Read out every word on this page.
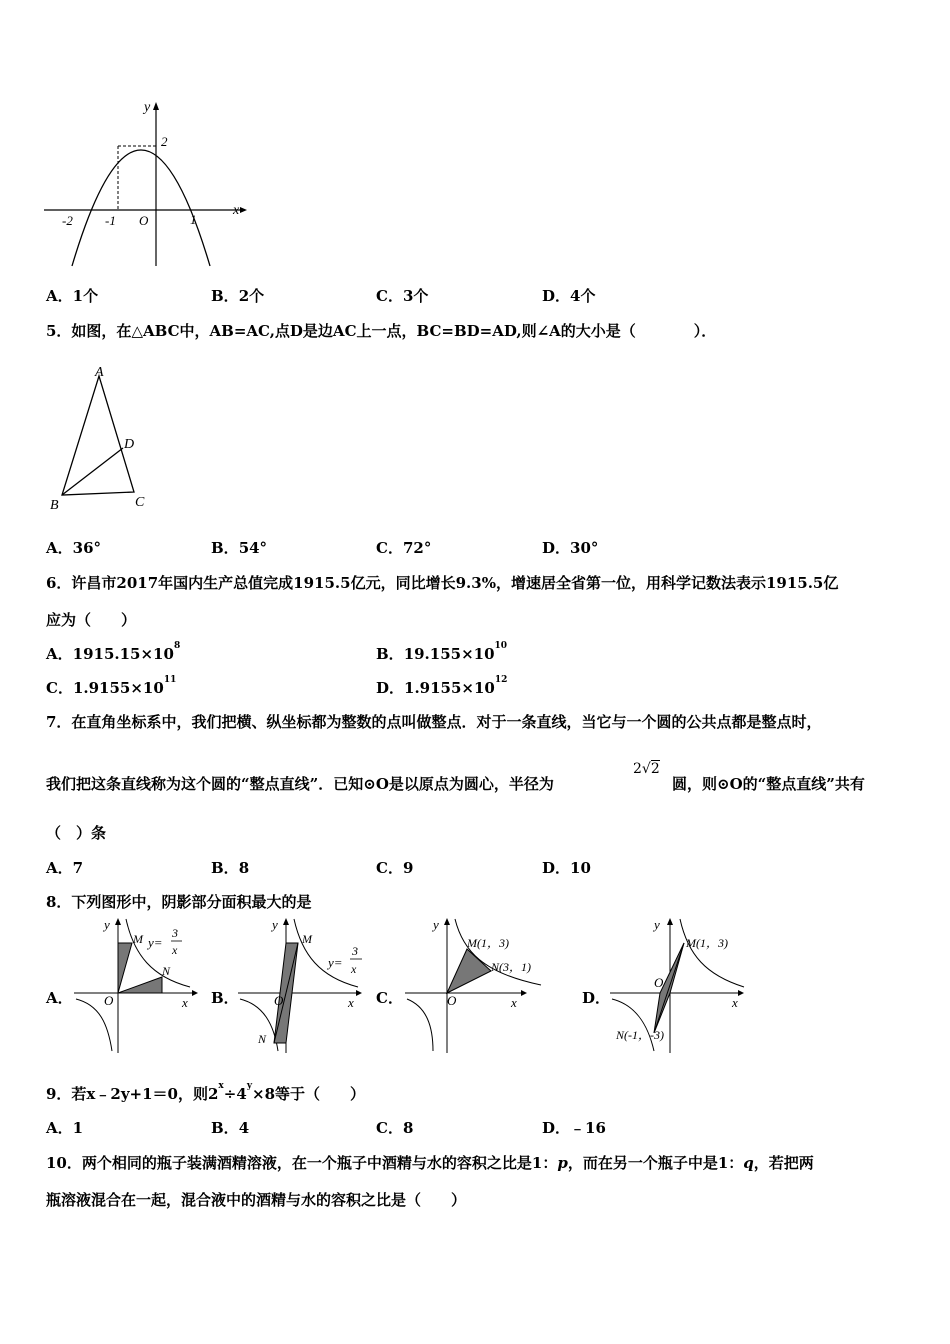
y
2
x
-2 -1 O	1
A．1个	B．2个	C．3个	D．4个
5．如图，在△ABC中，AB=AC,点D是边AC上一点，BC=BD=AD,则∠A的大小是（	）．
A
D
B	C
A．36°	B．54°	C．72°	D．30°
6．许昌市2017年国内生产总值完成1915.5亿元，同比增长9.3%，增速居全省第一位，用科学记数法表示1915.5亿
应为（　　）
A．$1915.15\times 10^8$	B．$19.155\times 10^{10}$
C．$1.9155\times 10^{11}$	D．$1.9155\times 10^{12}$
7．在直角坐标系中，我们把横、纵坐标都为整数的点叫做整点．对于一条直线，当它与一个圆的公共点都是整点时，
我们把这条直线称为这个圆的“整点直线”．已知⊙O是以原点为圆心，半径为
2√2
圆，则⊙O的“整点直线”共有
（　）条
A．7	B．8	C．9	D．10
8．下列图形中，阴影部分面积最大的是
A．
y
M y=
3
x
N
O	x B．
y
M
y=
3
x
O	x
N
C．
y
M(1，3)
N(3，1)
O	x	D．
y
M(1，3)
O
x
N(-1，-3)
9．若x﹣2y+1＝0，则$2^x\div 4^y\times 8$等于（　　）
A．1	B．4	C．8	D．﹣16
10．两个相同的瓶子装满酒精溶液，在一个瓶子中酒精与水的容积之比是1：p，而在另一个瓶子中是1：q，若把两
瓶溶液混合在一起，混合液中的酒精与水的容积之比是（　　）
